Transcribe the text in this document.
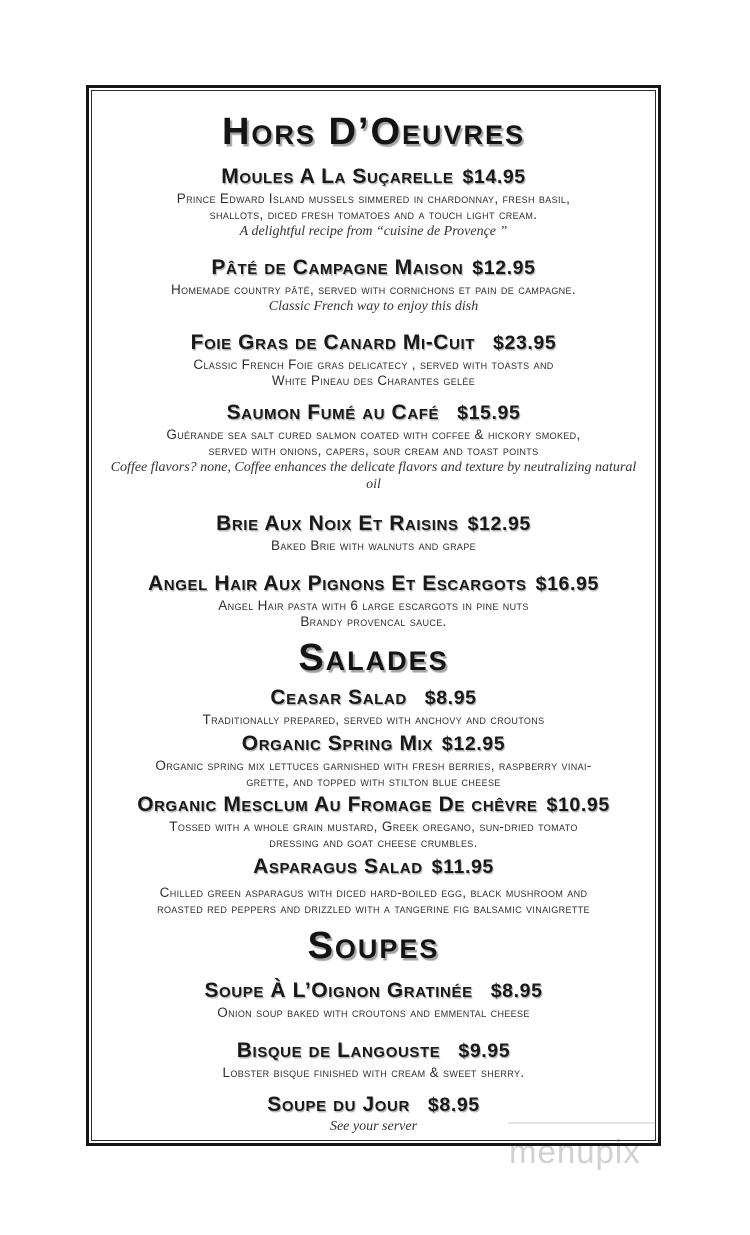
menupix
Hors D’Oeuvres
Moules A La Suçarelle $14.95
Prince Edward Island mussels simmered in chardonnay, fresh basil,
shallots, diced fresh tomatoes and a touch light cream.
A delightful recipe from “cuisine de Provençe ”
Pâté de Campagne Maison $12.95
Homemade country pâté, served with cornichons et pain de campagne.
Classic French way to enjoy this dish
Foie Gras de Canard Mi-Cuit $23.95
Classic French Foie gras delicatecy , served with toasts and
White Pineau des Charantes gelée
Saumon Fumé au Café $15.95
Guérande sea salt cured salmon coated with coffee & hickory smoked,
served with onions, capers, sour cream and toast points
Coffee flavors? none, Coffee enhances the delicate flavors and texture by neutralizing natural oil
Brie Aux Noix Et Raisins $12.95
Baked Brie with walnuts and grape
Angel Hair Aux Pignons Et Escargots $16.95
Angel Hair pasta with 6 large escargots in pine nuts
Brandy provencal sauce.
Salades
Ceasar Salad $8.95
Traditionally prepared, served with anchovy and croutons
Organic Spring Mix $12.95
Organic spring mix lettuces garnished with fresh berries, raspberry vinai-
grette, and topped with stilton blue cheese
Organic Mesclum Au Fromage De chêvre $10.95
Tossed with a whole grain mustard, Greek oregano, sun-dried tomato
dressing and goat cheese crumbles.
Asparagus Salad $11.95
Chilled green asparagus with diced hard-boiled egg, black mushroom and
roasted red peppers and drizzled with a tangerine fig balsamic vinaigrette
Soupes
Soupe À L’Oignon Gratinée $8.95
Onion soup baked with croutons and emmental cheese
Bisque de Langouste $9.95
Lobster bisque finished with cream & sweet sherry.
Soupe du Jour $8.95
See your server
